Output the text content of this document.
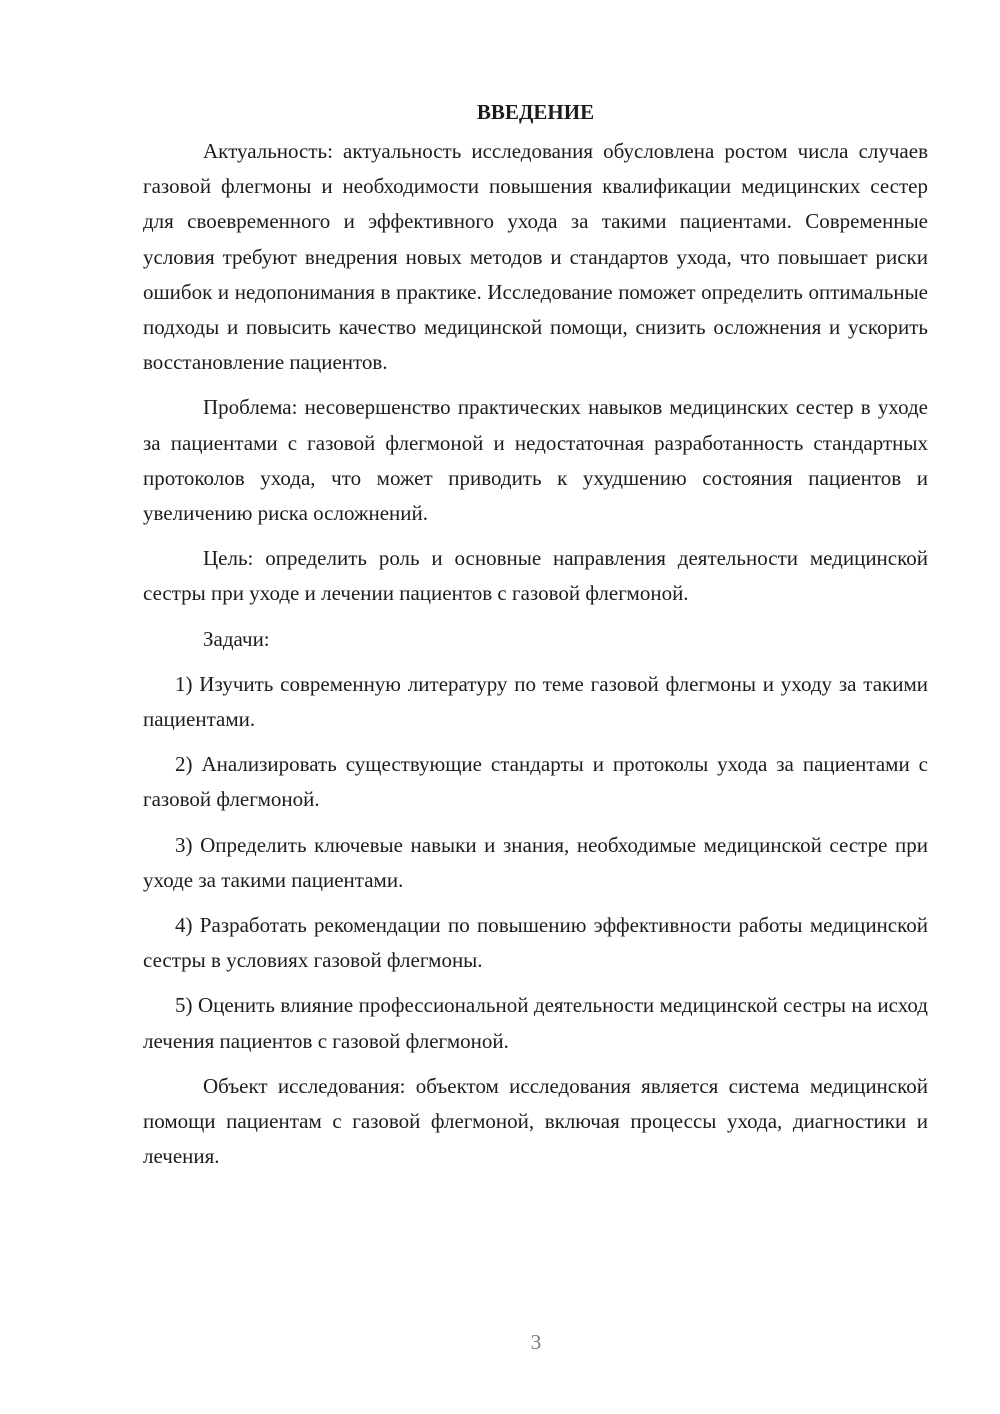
ВВЕДЕНИЕ

Актуальность: актуальность исследования обусловлена ростом числа случаев газовой флегмоны и необходимости повышения квалификации медицинских сестер для своевременного и эффективного ухода за такими пациентами. Современные условия требуют внедрения новых методов и стандартов ухода, что повышает риски ошибок и недопонимания в практике. Исследование поможет определить оптимальные подходы и повысить качество медицинской помощи, снизить осложнения и ускорить восстановление пациентов.

Проблема: несовершенство практических навыков медицинских сестер в уходе за пациентами с газовой флегмоной и недостаточная разработанность стандартных протоколов ухода, что может приводить к ухудшению состояния пациентов и увеличению риска осложнений.

Цель: определить роль и основные направления деятельности медицинской сестры при уходе и лечении пациентов с газовой флегмоной.

Задачи:

1) Изучить современную литературу по теме газовой флегмоны и уходу за такими пациентами.

2) Анализировать существующие стандарты и протоколы ухода за пациентами с газовой флегмоной.

3) Определить ключевые навыки и знания, необходимые медицинской сестре при уходе за такими пациентами.

4) Разработать рекомендации по повышению эффективности работы медицинской сестры в условиях газовой флегмоны.

5) Оценить влияние профессиональной деятельности медицинской сестры на исход лечения пациентов с газовой флегмоной.

Объект исследования: объектом исследования является система медицинской помощи пациентам с газовой флегмоной, включая процессы ухода, диагностики и лечения.

3
